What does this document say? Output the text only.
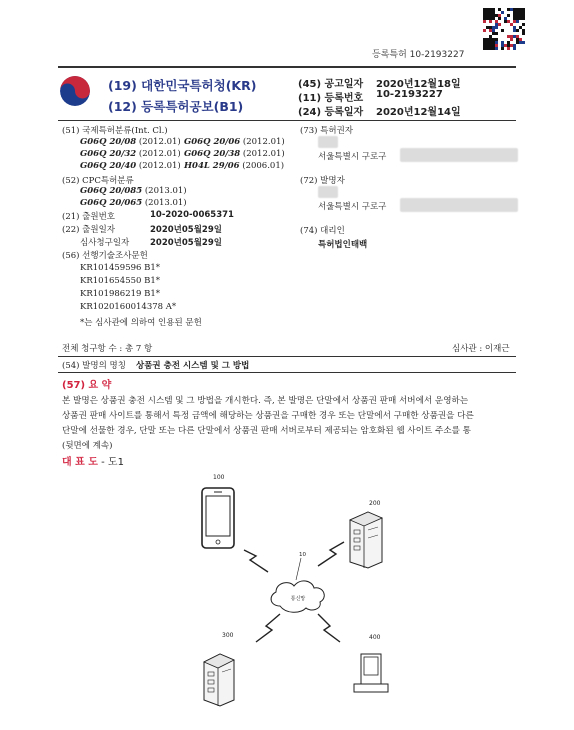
등록특허 10-2193227
(19) 대한민국특허청(KR)
(12) 등록특허공보(B1)
(45) 공고일자 2020년12월18일
(11) 등록번호 10-2193227
(24) 등록일자 2020년12월14일
(51) 국제특허분류(Int. Cl.)
G06Q 20/08 (2012.01) G06Q 20/06 (2012.01)
G06Q 20/32 (2012.01) G06Q 20/38 (2012.01)
G06Q 20/40 (2012.01) H04L 29/06 (2006.01)
(52) CPC특허분류
G06Q 20/085 (2013.01)
G06Q 20/065 (2013.01)
(21) 출원번호	10-2020-0065371
(22) 출원일자	2020년05월29일
심사청구일자 2020년05월29일
(56) 선행기술조사문헌
KR101459596 B1*
KR101654550 B1*
KR101986219 B1*
KR1020160014378 A*
*는 심사관에 의하여 인용된 문헌
(73) 특허권자
서울특별시 구로구
(72) 발명자
서울특별시 구로구
(74) 대리인
특허법인태백
전체 청구항 수 : 총 7 항	심사관 : 이재근
(54) 발명의 명칭 상품권 충전 시스템 및 그 방법
(57) 요 약
본 발명은 상품권 충전 시스템 및 그 방법을 개시한다. 즉, 본 발명은 단말에서 상품권 판매 서버에서 운영하는
상품권 판매 사이트를 통해서 특정 금액에 해당하는 상품권을 구매한 경우 또는 단말에서 구매한 상품권을 다른
단말에 선물한 경우, 단말 또는 다른 단말에서 상품권 판매 서버로부터 제공되는 암호화된 웹 사이트 주소를 통
(뒷면에 계속)
대 표 도 - 도1
100
200
10
통신망
300	400
